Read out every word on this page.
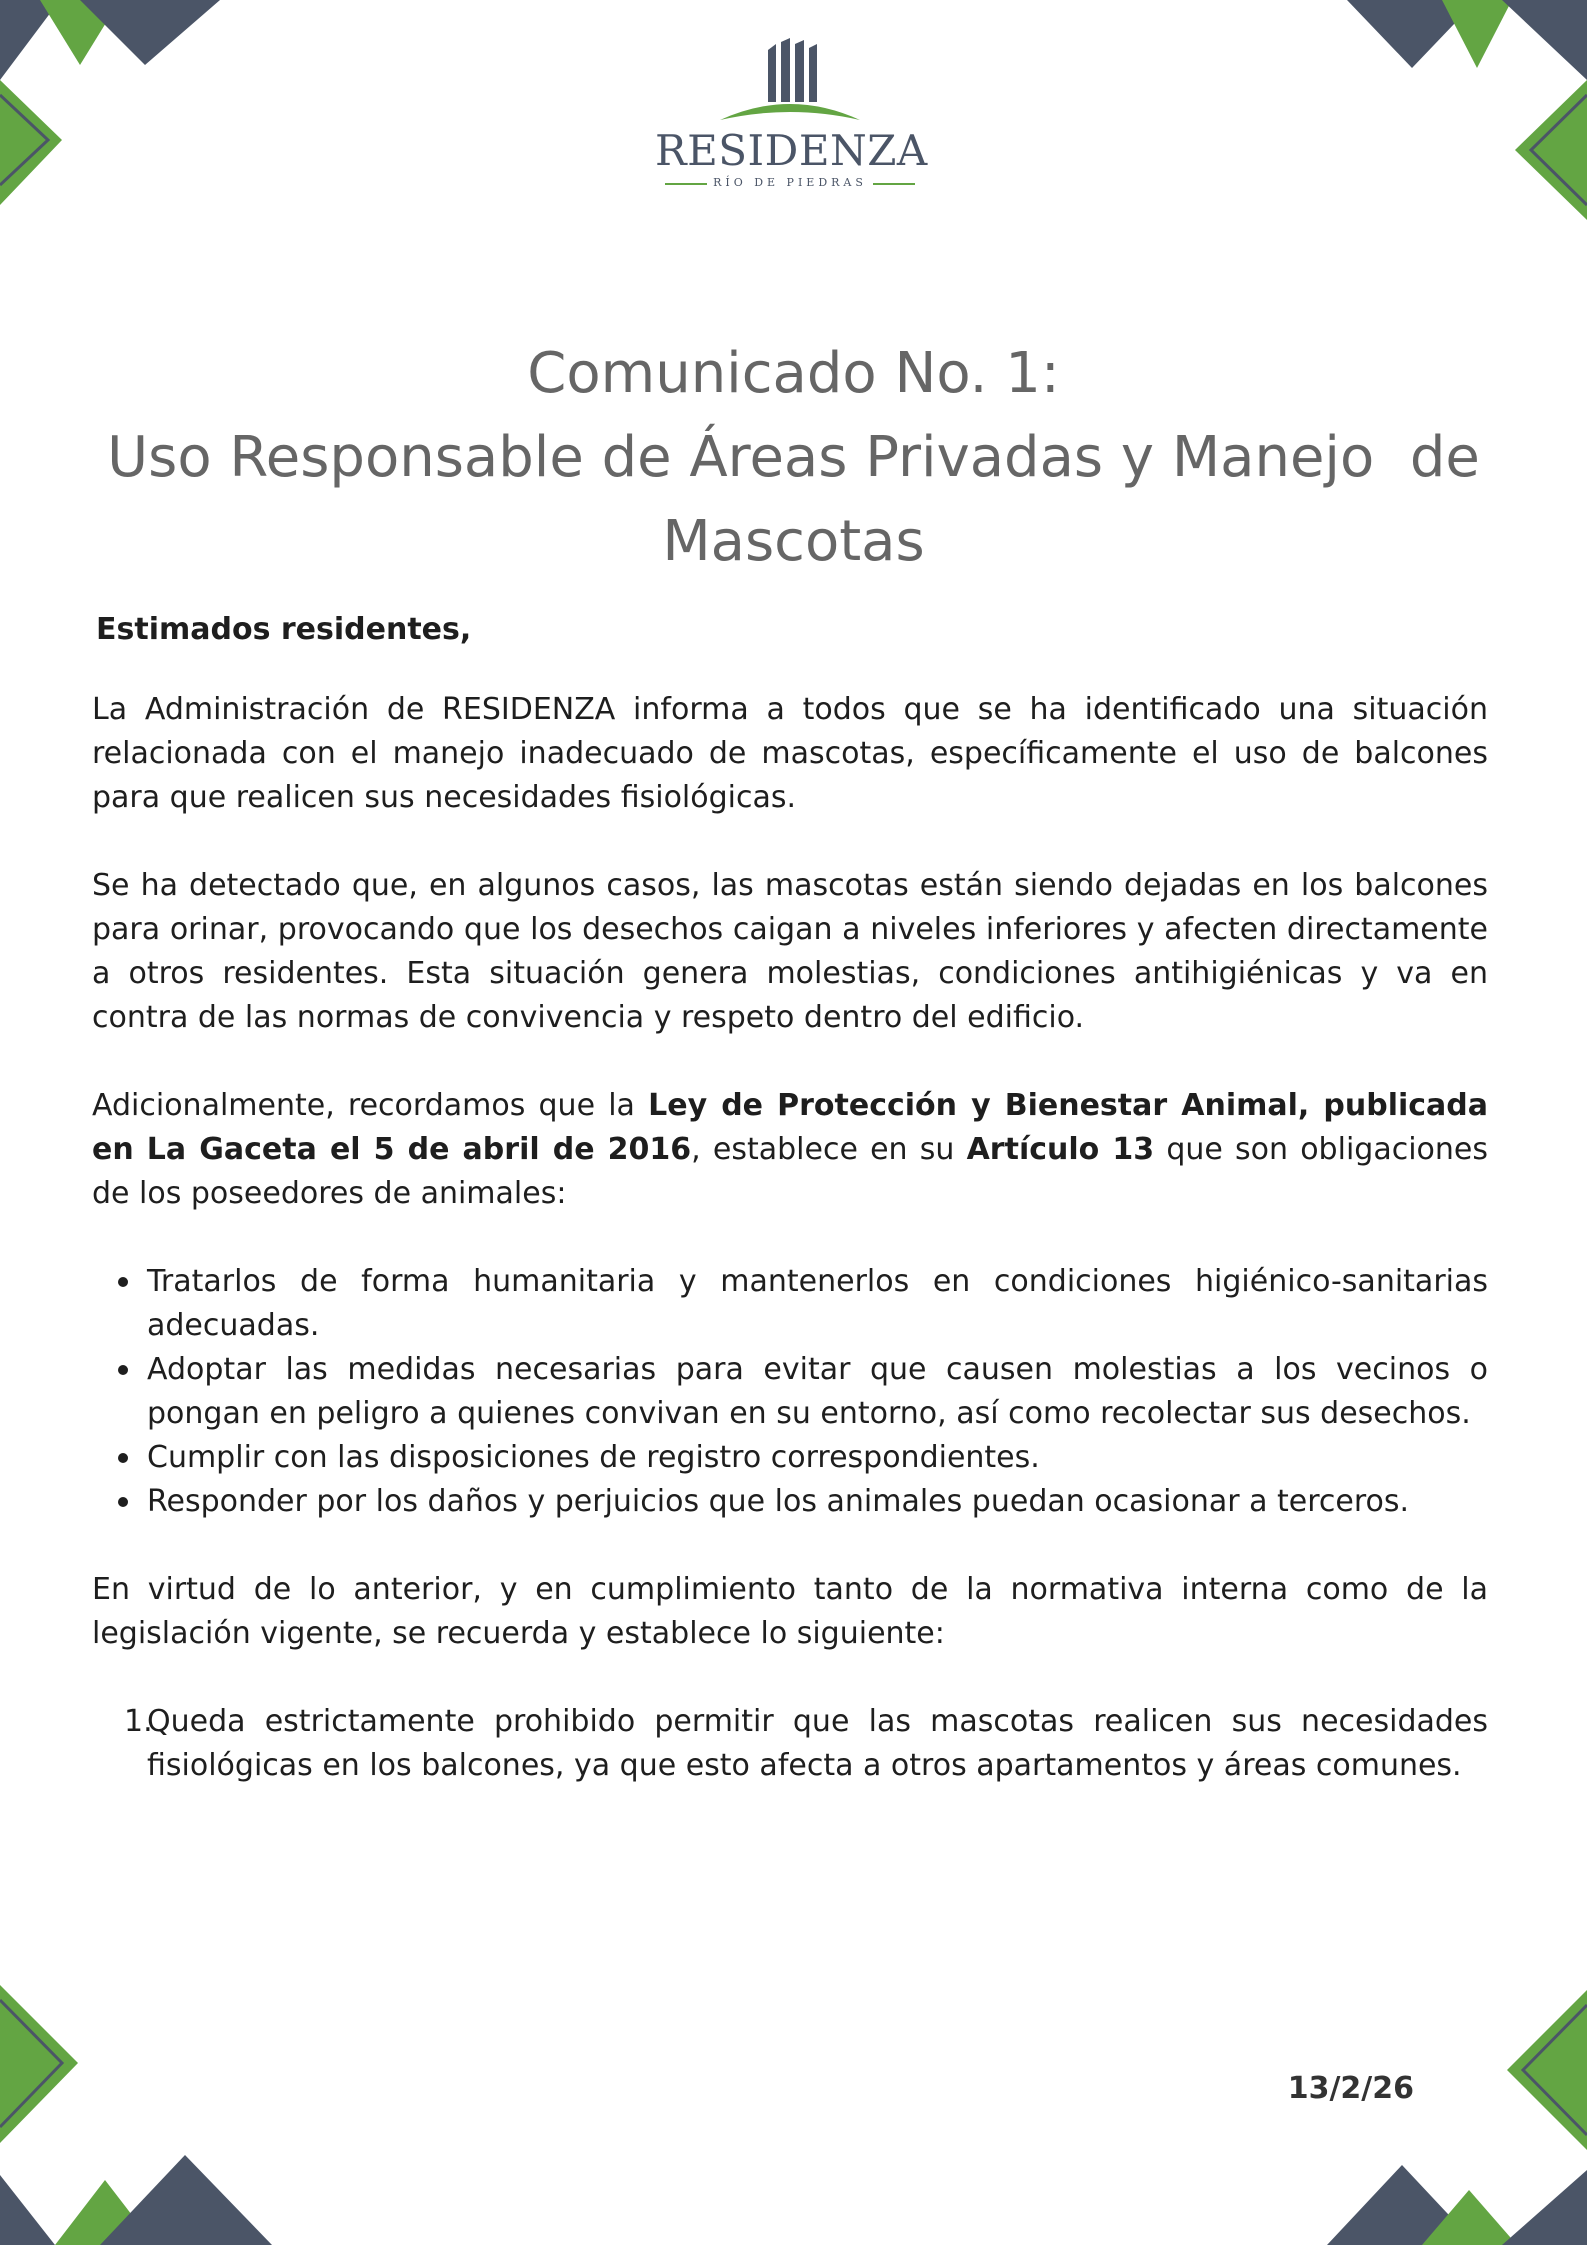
RESIDENZA
RÍO DE PIEDRAS
Comunicado No. 1:
Uso Responsable de Áreas Privadas y Manejo  de
Mascotas

Estimados residentes,

La Administración de RESIDENZA informa a todos que se ha identificado una situación relacionada con el manejo inadecuado de mascotas, específicamente el uso de balcones para que realicen sus necesidades fisiológicas.

Se ha detectado que, en algunos casos, las mascotas están siendo dejadas en los balcones para orinar, provocando que los desechos caigan a niveles inferiores y afecten directamente a otros residentes. Esta situación genera molestias, condiciones antihigiénicas y va en contra de las normas de convivencia y respeto dentro del edificio.

Adicionalmente, recordamos que la Ley de Protección y Bienestar Animal, publicada en La Gaceta el 5 de abril de 2016, establece en su Artículo 13 que son obligaciones de los poseedores de animales:

Tratarlos de forma humanitaria y mantenerlos en condiciones higiénico-sanitarias adecuadas.
Adoptar las medidas necesarias para evitar que causen molestias a los vecinos o pongan en peligro a quienes convivan en su entorno, así como recolectar sus desechos.
Cumplir con las disposiciones de registro correspondientes.
Responder por los daños y perjuicios que los animales puedan ocasionar a terceros.

En virtud de lo anterior, y en cumplimiento tanto de la normativa interna como de la legislación vigente, se recuerda y establece lo siguiente:

1.
Queda estrictamente prohibido permitir que las mascotas realicen sus necesidades fisiológicas en los balcones, ya que esto afecta a otros apartamentos y áreas comunes.
13/2/26
